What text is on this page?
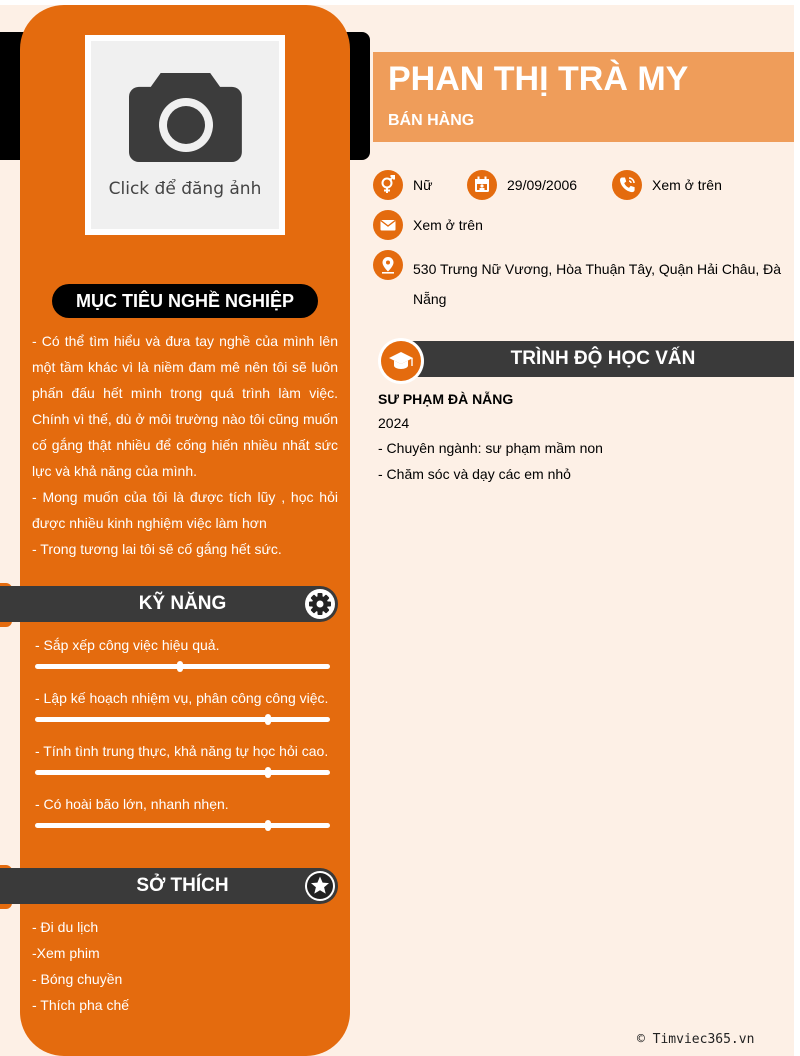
Click để đăng ảnh
MỤC TIÊU NGHỀ NGHIỆP

- Có thể tìm hiểu và đưa tay nghề của mình lên một tầm khác vì là niềm đam mê nên tôi sẽ luôn phấn đấu hết mình trong quá trình làm việc. Chính vì thế, dù ở môi trường nào tôi cũng muốn cố gắng thật nhiều để cống hiến nhiều nhất sức lực và khả năng của mình.

- Mong muốn của tôi là được tích lũy , học hỏi được nhiều kinh nghiệm việc làm hơn

- Trong tương lai tôi sẽ cố gắng hết sức.

KỸ NĂNG
- Sắp xếp công việc hiệu quả.
- Lập kế hoạch nhiệm vụ, phân công công việc.
- Tính tình trung thực, khả năng tự học hỏi cao.
- Có hoài bão lớn, nhanh nhẹn.
SỞ THÍCH
- Đi du lịch
-Xem phim
- Bóng chuyền
- Thích pha chế
PHAN THỊ TRÀ MY
BÁN HÀNG
Nữ	29/09/2006	Xem ở trên
Xem ở trên
530 Trưng Nữ Vương, Hòa Thuận Tây, Quận Hải Châu, Đà Nẵng
TRÌNH ĐỘ HỌC VẤN
SƯ PHẠM ĐÀ NẴNG
2024
- Chuyên ngành: sư phạm mầm non
- Chăm sóc và dạy các em nhỏ
© Timviec365.vn
